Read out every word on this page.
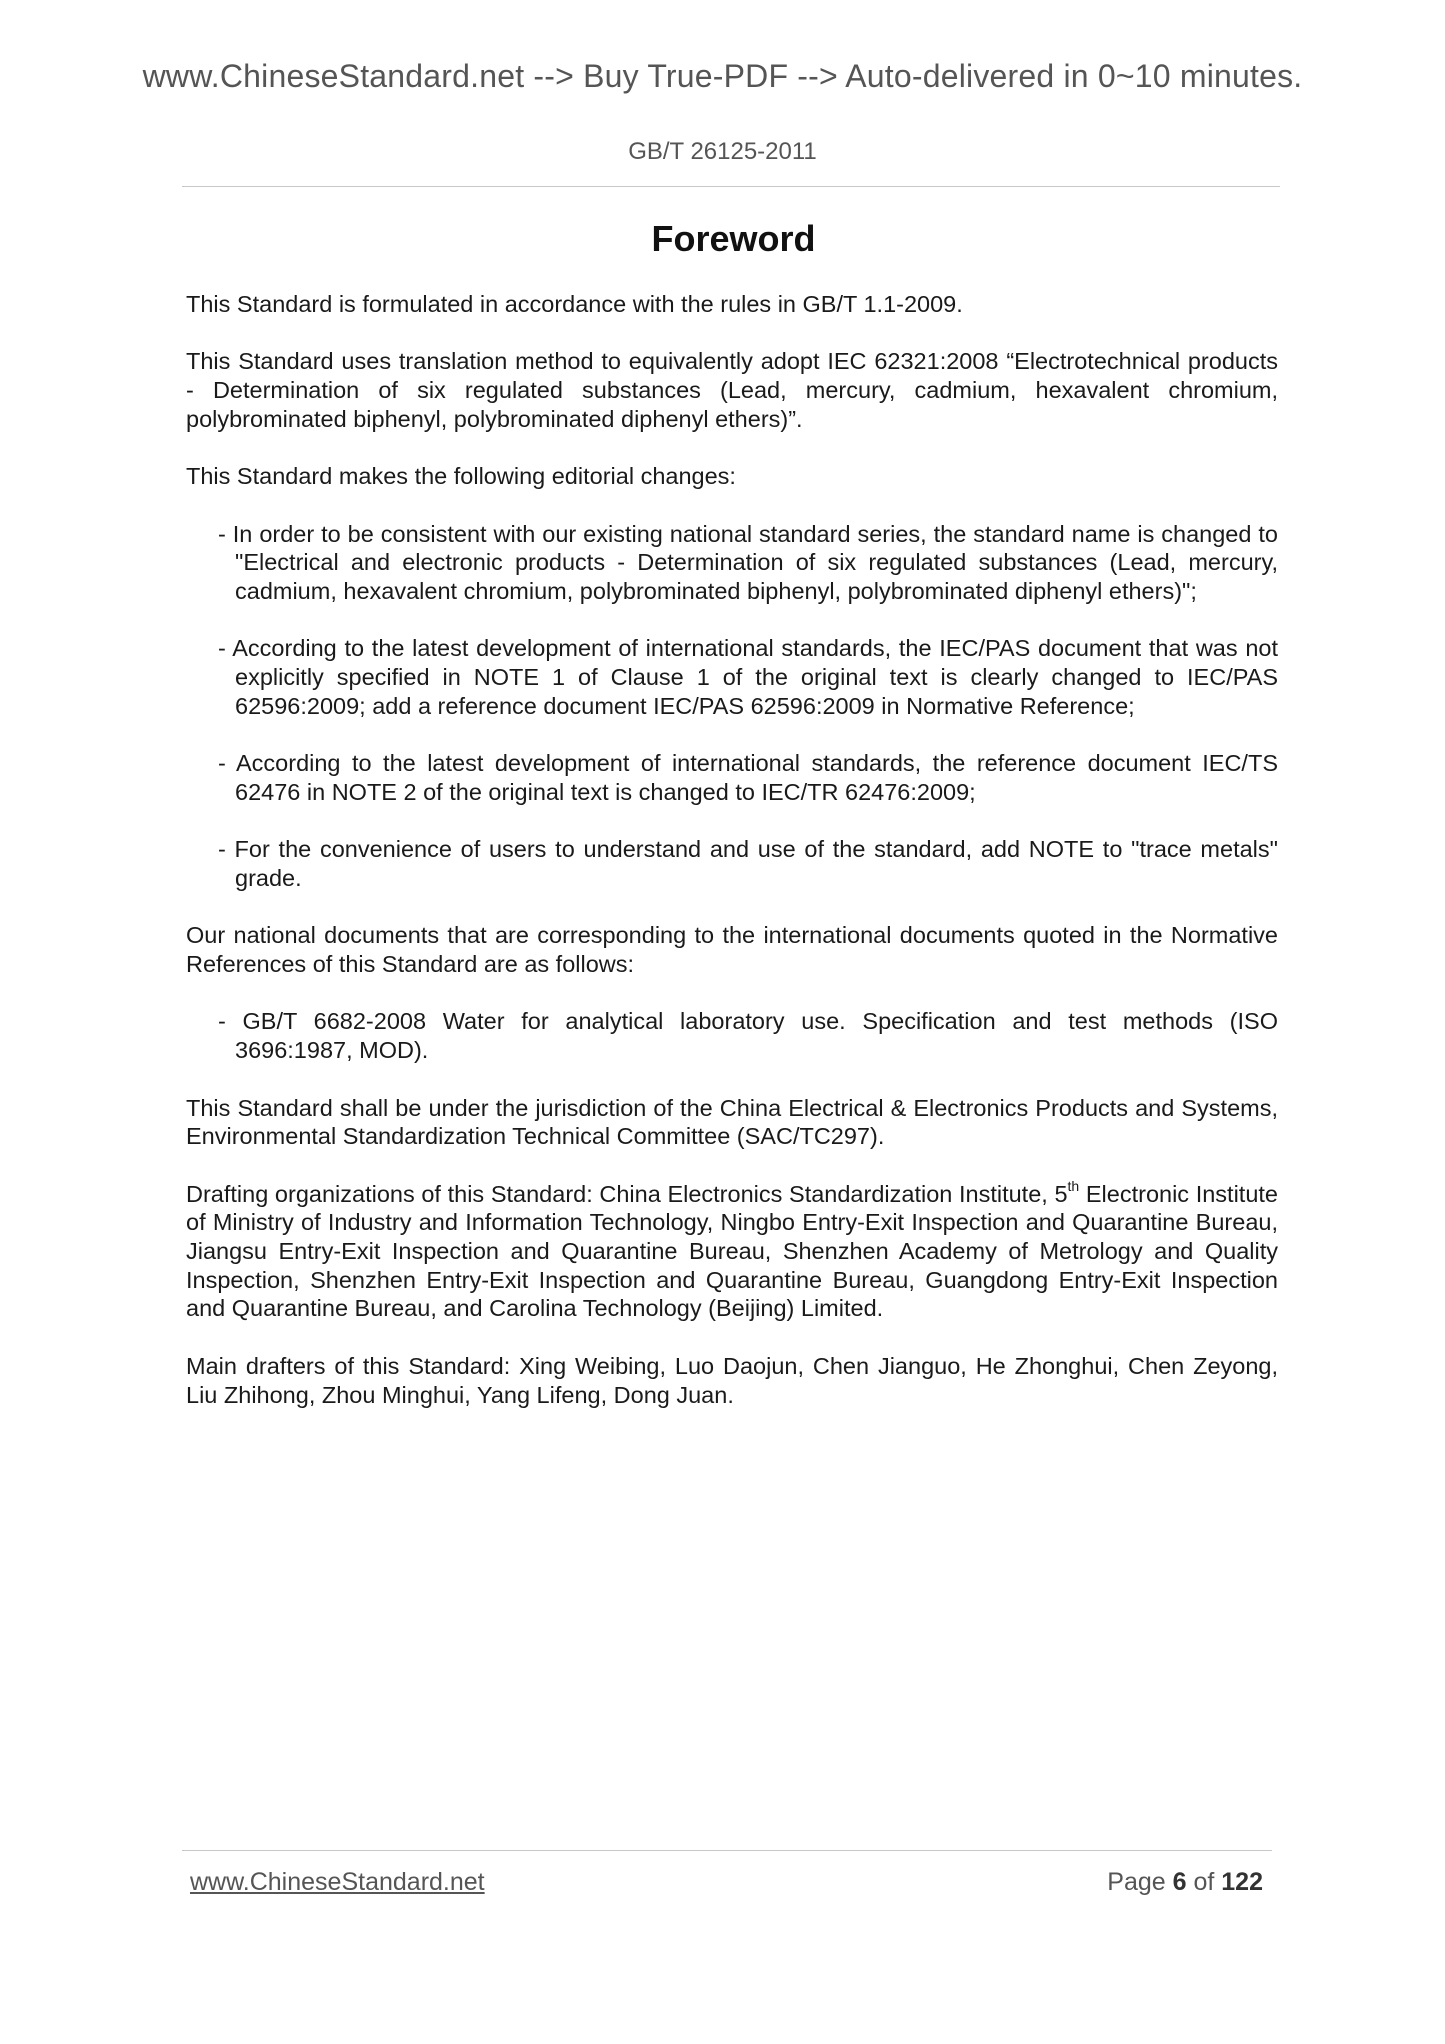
www.ChineseStandard.net --> Buy True-PDF --> Auto-delivered in 0~10 minutes.
GB/T 26125-2011
Foreword

This Standard is formulated in accordance with the rules in GB/T 1.1-2009.

This Standard uses translation method to equivalently adopt IEC 62321:2008 “Electrotechnical products - Determination of six regulated substances (Lead, mercury, cadmium, hexavalent chromium, polybrominated biphenyl, polybrominated diphenyl ethers)”.

This Standard makes the following editorial changes:

- In order to be consistent with our existing national standard series, the standard name is changed to "Electrical and electronic products - Determination of six regulated substances (Lead, mercury, cadmium, hexavalent chromium, polybrominated biphenyl, polybrominated diphenyl ethers)";

- According to the latest development of international standards, the IEC/PAS document that was not explicitly specified in NOTE 1 of Clause 1 of the original text is clearly changed to IEC/PAS 62596:2009; add a reference document IEC/PAS 62596:2009 in Normative Reference;

- According to the latest development of international standards, the reference document IEC/TS 62476 in NOTE 2 of the original text is changed to IEC/TR 62476:2009;

- For the convenience of users to understand and use of the standard, add NOTE to "trace metals" grade.

Our national documents that are corresponding to the international documents quoted in the Normative References of this Standard are as follows:

- GB/T 6682-2008 Water for analytical laboratory use. Specification and test methods (ISO 3696:1987, MOD).

This Standard shall be under the jurisdiction of the China Electrical & Electronics Products and Systems, Environmental Standardization Technical Committee (SAC/TC297).

Drafting organizations of this Standard: China Electronics Standardization Institute, 5th Electronic Institute of Ministry of Industry and Information Technology, Ningbo Entry-Exit Inspection and Quarantine Bureau, Jiangsu Entry-Exit Inspection and Quarantine Bureau, Shenzhen Academy of Metrology and Quality Inspection, Shenzhen Entry-Exit Inspection and Quarantine Bureau, Guangdong Entry-Exit Inspection and Quarantine Bureau, and Carolina Technology (Beijing) Limited.

Main drafters of this Standard: Xing Weibing, Luo Daojun, Chen Jianguo, He Zhonghui, Chen Zeyong, Liu Zhihong, Zhou Minghui, Yang Lifeng, Dong Juan.

www.ChineseStandard.net	Page 6 of 122
